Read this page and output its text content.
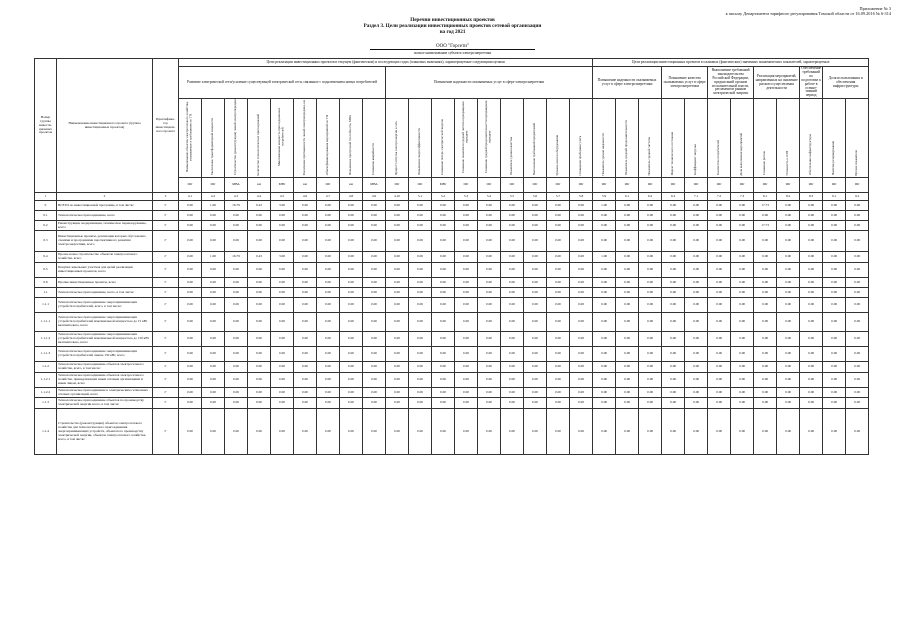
Приложение № 3
к письму Департамента тарифного регулирования Томской области от 16.09.2016 № 6-314
Перечни инвестиционных проектов
Раздел 3. Цели реализации инвестиционных проектов сетевой организации
на год 2021
ООО "Горсети"
полное наименование субъекта электроэнергетики
Номер группы инвести-ционных проектов	Наименование инвестиционного проекта (группы инвестиционных проектов)	Идентифика-тор инвестицион-ного проекта	Цели реализации инвестиционных проектов в текущем (фактическом) и последующих годах (плановых значениях), характеризуемые следующими целями																		Цели реализации инвестиционных проектов в плановых (фактических) значениях экономических показателей, характеризуемые											
			Развитие электрической сети/усиление существующей электрической сети, связанное с подключением новых потребителей									Повышение надежности оказываемых услуг в сфере электроэнергетики									Повышение надежности оказываемых услуг в сфере электроэнергетики			Повышение качества оказываемых услуг в сфере электроэнергетики		Выполнение требований законодательства Российской Федерации, предписаний органов исполнительной власти, регламентов рынков электрической энергии		Реализация мероприятий, направленных на снижение рисков осуществления деятельности		Обеспечение требований по подготовке к работе в осенне-зимний период	Доля использования и обеспечения инфраструктуры	
			Наименование объектов электросетевого хозяйства, указываемые в требованиях по ТП	Увеличение трансформаторной мощности	Строительство (реконструкция) линий электропередачи	Количество технологических присоединений	Максимальная мощность присоединяемых потребителей	Увеличение протяженности линий электропередачи, км	Объём финансирования мероприятий по ТП	Повышение пропускной способности, МВА	Снижение аварийности	Прирост отпуска электроэнергии в сеть	Повышение энергоэффективности	Снижение потерь электрической энергии	Снижение показателя средней частоты прекращения передачи	Снижение средней продолжительности прекращения передачи	Показатель уровня качества	Выполнение требований предписаний	Уровень износа оборудования	Оснащение приборами учета	Показатель уровня надежности	Показатель средней продолжительности	Показатель средней частоты	Индекс технического состояния	Коэффициент загрузки	Количество потребителей	Доля выполнения мероприятий	Снижение рисков	Готовность к ОЗП	Обеспечение инфраструктуры	Наличие резервирования	Прочие показатели
			Шт	Шт	МВА	км	МВт	км	Шт	км	МВА	Шт	Шт	МВт	Шт	Шт	Шт	Шт	Шт	Шт	Шт	Шт	Шт	Шт	Шт	Шт	Шт	Шт	Шт	Шт	Шт	Шт
1	2	3	4.1	4.2	4.3	4.4	4.5	4.6	4.7	4.8	4.9	4.10	5.1	5.2	5.3	5.4	5.5	5.6	5.7	5.8	5.9	6.1	6.2	6.3	7.1	7.2	7.3	8.1	8.2	8.3	9.1	9.2
0	ВСЕГО по инвестиционной программе, в том числе:	Г	0.00	1.00	16.79	0.43	3.00	0.00	0.00	0.00	0.00	0.00	0.00	0.00	0.00	0.00	0.00	0.00	0.00	0.00	1.00	0.00	0.00	0.00	0.00	0.00	0.00	17.73	0.00	0.00	0.00	0.00
0.1	Технологическое присоединение, всего	Г	0.00	0.00	0.00	0.00	0.00	0.00	0.00	0.00	0.00	0.00	0.00	0.00	0.00	0.00	0.00	0.00	0.00	0.00	0.00	0.00	0.00	0.00	0.00	0.00	0.00	0.00	0.00	0.00	0.00	0.00
0.2	Реконструкция, модернизация, техническое перевооружение, всего	Г	0.00	0.00	0.00	0.00	0.00	0.00	0.00	0.00	0.00	0.00	0.00	0.00	0.00	0.00	0.00	0.00	0.00	0.00	0.00	0.00	0.00	0.00	0.00	0.00	0.00	17.73	0.00	0.00	0.00	0.00
0.3	Инвестиционные проекты, реализация которых обусловлена схемами и программами перспективного развития электроэнергетики, всего	Г	0.00	0.00	0.00	0.00	0.00	0.00	0.00	0.00	0.00	0.00	0.00	0.00	0.00	0.00	0.00	0.00	0.00	0.00	0.00	0.00	0.00	0.00	0.00	0.00	0.00	0.00	0.00	0.00	0.00	0.00
0.4	Прочее новое строительство объектов электросетевого хозяйства, всего	Г	0.00	1.00	16.79	0.43	3.00	0.00	0.00	0.00	0.00	0.00	0.00	0.00	0.00	0.00	0.00	0.00	0.00	0.00	1.00	0.00	0.00	0.00	0.00	0.00	0.00	0.00	0.00	0.00	0.00	0.00
0.5	Покупка земельных участков для целей реализации инвестиционных проектов, всего	Г	0.00	0.00	0.00	0.00	0.00	0.00	0.00	0.00	0.00	0.00	0.00	0.00	0.00	0.00	0.00	0.00	0.00	0.00	0.00	0.00	0.00	0.00	0.00	0.00	0.00	0.00	0.00	0.00	0.00	0.00
0.6	Прочие инвестиционные проекты, всего	Г	0.00	0.00	0.00	0.00	0.00	0.00	0.00	0.00	0.00	0.00	0.00	0.00	0.00	0.00	0.00	0.00	0.00	0.00	0.00	0.00	0.00	0.00	0.00	0.00	0.00	0.00	0.00	0.00	0.00	0.00
1.1	Технологическое присоединение, всего, в том числе:	Г	0.00	0.00	0.00	0.00	0.00	0.00	0.00	0.00	0.00	0.00	0.00	0.00	0.00	0.00	0.00	0.00	0.00	0.00	0.00	0.00	0.00	0.00	0.00	0.00	0.00	0.00	0.00	0.00	0.00	0.00
1.1.1	Технологическое присоединение энергопринимающих устройств потребителей, всего, в том числе:	Г	0.00	0.00	0.00	0.00	0.00	0.00	0.00	0.00	0.00	0.00	0.00	0.00	0.00	0.00	0.00	0.00	0.00	0.00	0.00	0.00	0.00	0.00	0.00	0.00	0.00	0.00	0.00	0.00	0.00	0.00
1.1.1.1	Технологическое присоединение энергопринимающих устройств потребителей максимальной мощностью до 15 кВт включительно, всего	Г	0.00	0.00	0.00	0.00	0.00	0.00	0.00	0.00	0.00	0.00	0.00	0.00	0.00	0.00	0.00	0.00	0.00	0.00	0.00	0.00	0.00	0.00	0.00	0.00	0.00	0.00	0.00	0.00	0.00	0.00
1.1.1.2	Технологическое присоединение энергопринимающих устройств потребителей максимальной мощностью до 150 кВт включительно, всего	Г	0.00	0.00	0.00	0.00	0.00	0.00	0.00	0.00	0.00	0.00	0.00	0.00	0.00	0.00	0.00	0.00	0.00	0.00	0.00	0.00	0.00	0.00	0.00	0.00	0.00	0.00	0.00	0.00	0.00	0.00
1.1.1.3	Технологическое присоединение энергопринимающих устройств потребителей свыше 150 кВт, всего	Г	0.00	0.00	0.00	0.00	0.00	0.00	0.00	0.00	0.00	0.00	0.00	0.00	0.00	0.00	0.00	0.00	0.00	0.00	0.00	0.00	0.00	0.00	0.00	0.00	0.00	0.00	0.00	0.00	0.00	0.00
1.1.2	Технологическое присоединение объектов электросетевого хозяйства, всего, в том числе:	Г	0.00	0.00	0.00	0.00	0.00	0.00	0.00	0.00	0.00	0.00	0.00	0.00	0.00	0.00	0.00	0.00	0.00	0.00	0.00	0.00	0.00	0.00	0.00	0.00	0.00	0.00	0.00	0.00	0.00	0.00
1.1.2.1	Технологическое присоединение объектов электросетевого хозяйства, принадлежащих иным сетевым организациям и иным лицам, всего	Г	0.00	0.00	0.00	0.00	0.00	0.00	0.00	0.00	0.00	0.00	0.00	0.00	0.00	0.00	0.00	0.00	0.00	0.00	0.00	0.00	0.00	0.00	0.00	0.00	0.00	0.00	0.00	0.00	0.00	0.00
1.1.2.2	Технологическое присоединение к электрическим сетям иных сетевых организаций, всего	Г	0.00	0.00	0.00	0.00	0.00	0.00	0.00	0.00	0.00	0.00	0.00	0.00	0.00	0.00	0.00	0.00	0.00	0.00	0.00	0.00	0.00	0.00	0.00	0.00	0.00	0.00	0.00	0.00	0.00	0.00
1.1.3	Технологическое присоединение объектов по производству электрической энергии всего, в том числе:	Г	0.00	0.00	0.00	0.00	0.00	0.00	0.00	0.00	0.00	0.00	0.00	0.00	0.00	0.00	0.00	0.00	0.00	0.00	0.00	0.00	0.00	0.00	0.00	0.00	0.00	0.00	0.00	0.00	0.00	0.00
1.1.4	Строительство (реконструкция) объектов электросетевого хозяйства для технологического присоединения энергопринимающих устройств, объектов по производству электрической энергии, объектов электросетевого хозяйства, всего, в том числе:	Г	0.00	0.00	0.00	0.00	0.00	0.00	0.00	0.00	0.00	0.00	0.00	0.00	0.00	0.00	0.00	0.00	0.00	0.00	0.00	0.00	0.00	0.00	0.00	0.00	0.00	0.00	0.00	0.00	0.00	0.00
